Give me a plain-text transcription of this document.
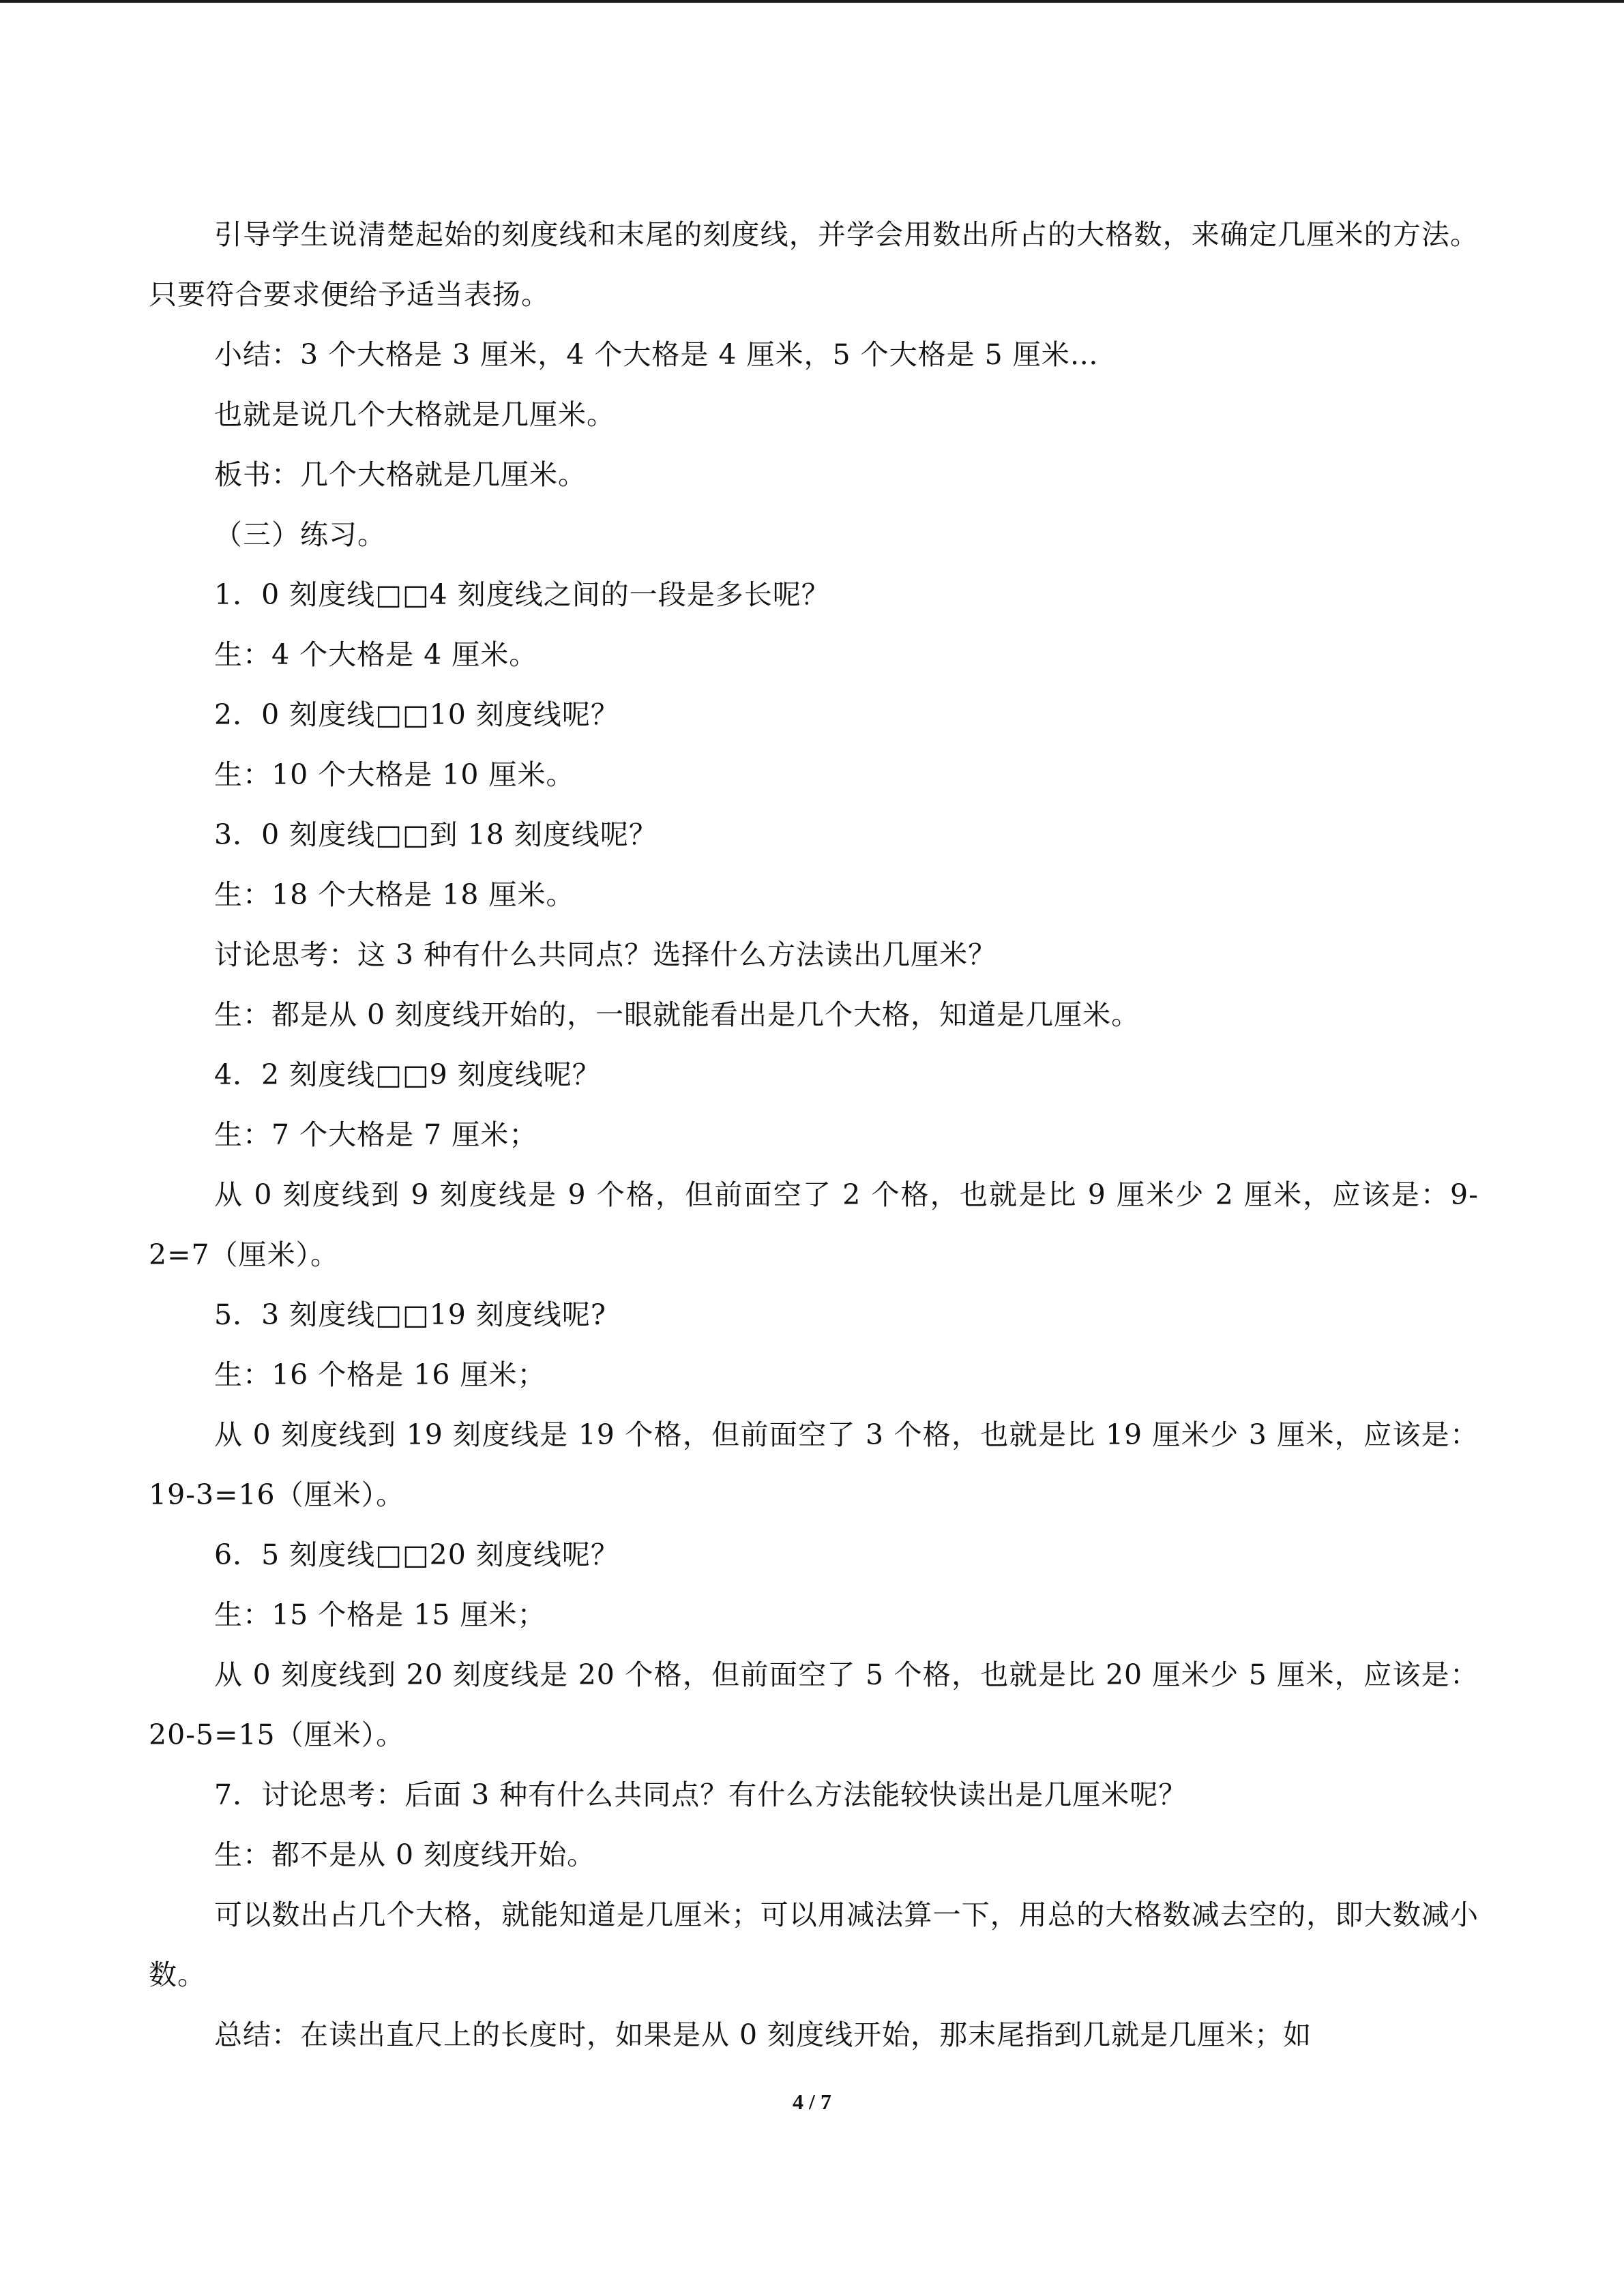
引导学生说清楚起始的刻度线和末尾的刻度线，并学会用数出所占的大格数，来确定几厘米的方法。只要符合要求便给予适当表扬。

小结：3 个大格是 3 厘米，4 个大格是 4 厘米，5 个大格是 5 厘米…

也就是说几个大格就是几厘米。

板书：几个大格就是几厘米。

（三）练习。

1．0 刻度线□□4 刻度线之间的一段是多长呢？

生：4 个大格是 4 厘米。

2．0 刻度线□□10 刻度线呢？

生：10 个大格是 10 厘米。

3．0 刻度线□□到 18 刻度线呢？

生：18 个大格是 18 厘米。

讨论思考：这 3 种有什么共同点？选择什么方法读出几厘米？

生：都是从 0 刻度线开始的，一眼就能看出是几个大格，知道是几厘米。

4．2 刻度线□□9 刻度线呢？

生：7 个大格是 7 厘米；

从 0 刻度线到 9 刻度线是 9 个格，但前面空了 2 个格，也就是比 9 厘米少 2 厘米，应该是：9-2=7（厘米）。

5．3 刻度线□□19 刻度线呢?

生：16 个格是 16 厘米；

从 0 刻度线到 19 刻度线是 19 个格，但前面空了 3 个格，也就是比 19 厘米少 3 厘米，应该是：19-3=16（厘米）。

6．5 刻度线□□20 刻度线呢？

生：15 个格是 15 厘米；

从 0 刻度线到 20 刻度线是 20 个格，但前面空了 5 个格，也就是比 20 厘米少 5 厘米，应该是：20-5=15（厘米）。

7．讨论思考：后面 3 种有什么共同点？有什么方法能较快读出是几厘米呢？

生：都不是从 0 刻度线开始。

可以数出占几个大格，就能知道是几厘米；可以用减法算一下，用总的大格数减去空的，即大数减小数。

总结：在读出直尺上的长度时，如果是从 0 刻度线开始，那末尾指到几就是几厘米；如

4 / 7
